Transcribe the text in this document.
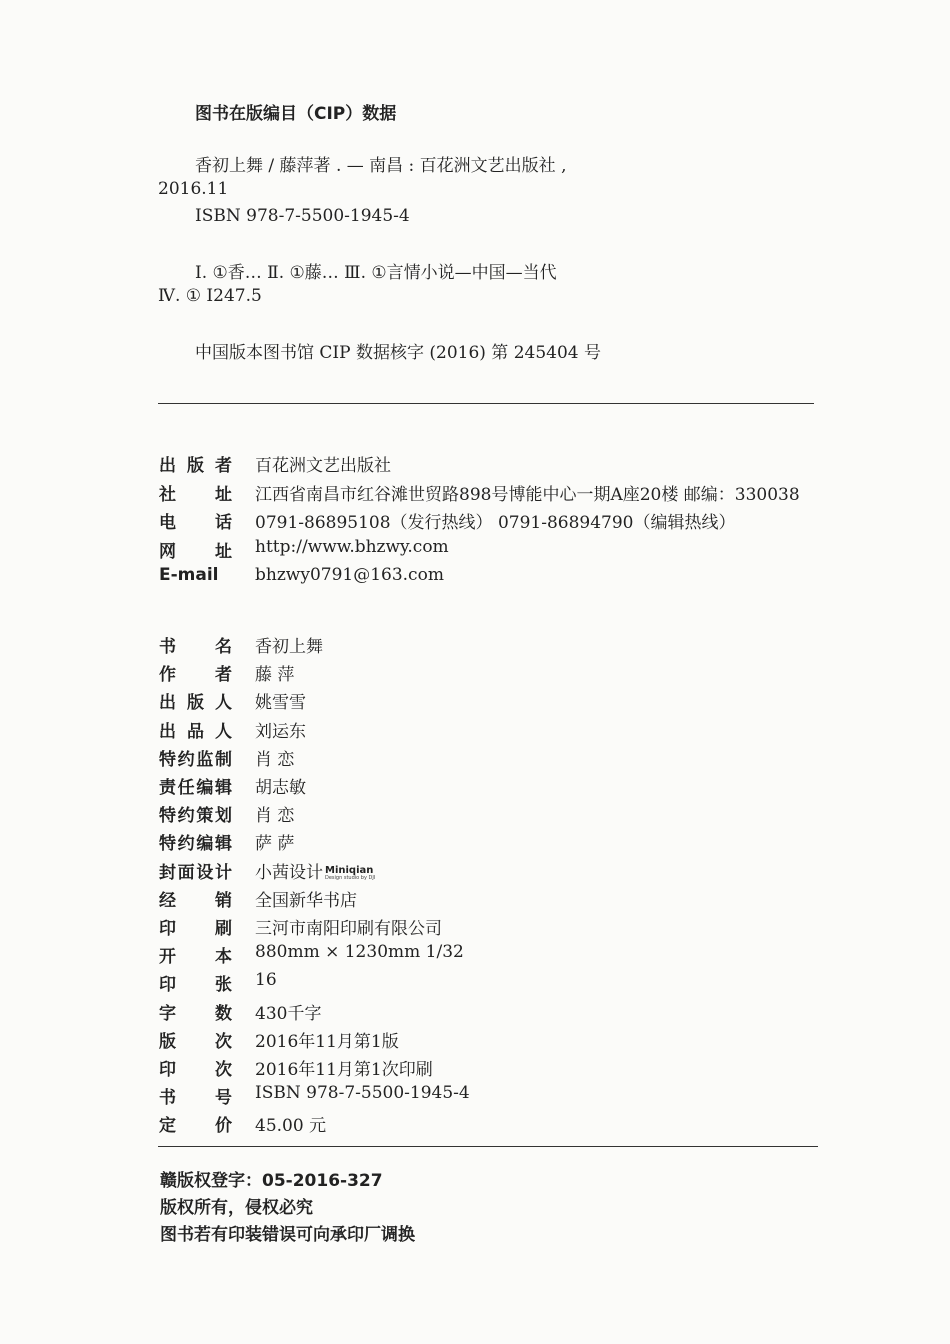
图书在版编目（CIP）数据
香初上舞 / 藤萍著 . — 南昌 : 百花洲文艺出版社 ,
2016.11
ISBN 978-7-5500-1945-4
Ⅰ. ①香… Ⅱ. ①藤… Ⅲ. ①言情小说—中国—当代
Ⅳ. ① I247.5
中国版本图书馆 CIP 数据核字 (2016) 第 245404 号
出 版 者 百花洲文艺出版社
社 址 江西省南昌市红谷滩世贸路898号博能中心一期A座20楼 邮编：330038
电 话 0791-86895108（发行热线） 0791-86894790（编辑热线）
网 址 http://www.bhzwy.com
E-mail bhzwy0791@163.com
书 名 香初上舞
作 者 藤 萍
出 版 人 姚雪雪
出 品 人 刘运东
特 约 监 制 肖 恋
责 任 编 辑 胡志敏
特 约 策 划 肖 恋
特 约 编 辑 萨 萨
封 面 设 计 小茜设计 Miniqian
Design studio by DJI
经 销 全国新华书店
印 刷 三河市南阳印刷有限公司
开 本 880mm × 1230mm 1/32
印 张 16
字 数 430千字
版 次 2016年11月第1版
印 次 2016年11月第1次印刷
书 号 ISBN 978-7-5500-1945-4
定 价 45.00 元
赣版权登字：05-2016-327
版权所有，侵权必究
图书若有印装错误可向承印厂调换
